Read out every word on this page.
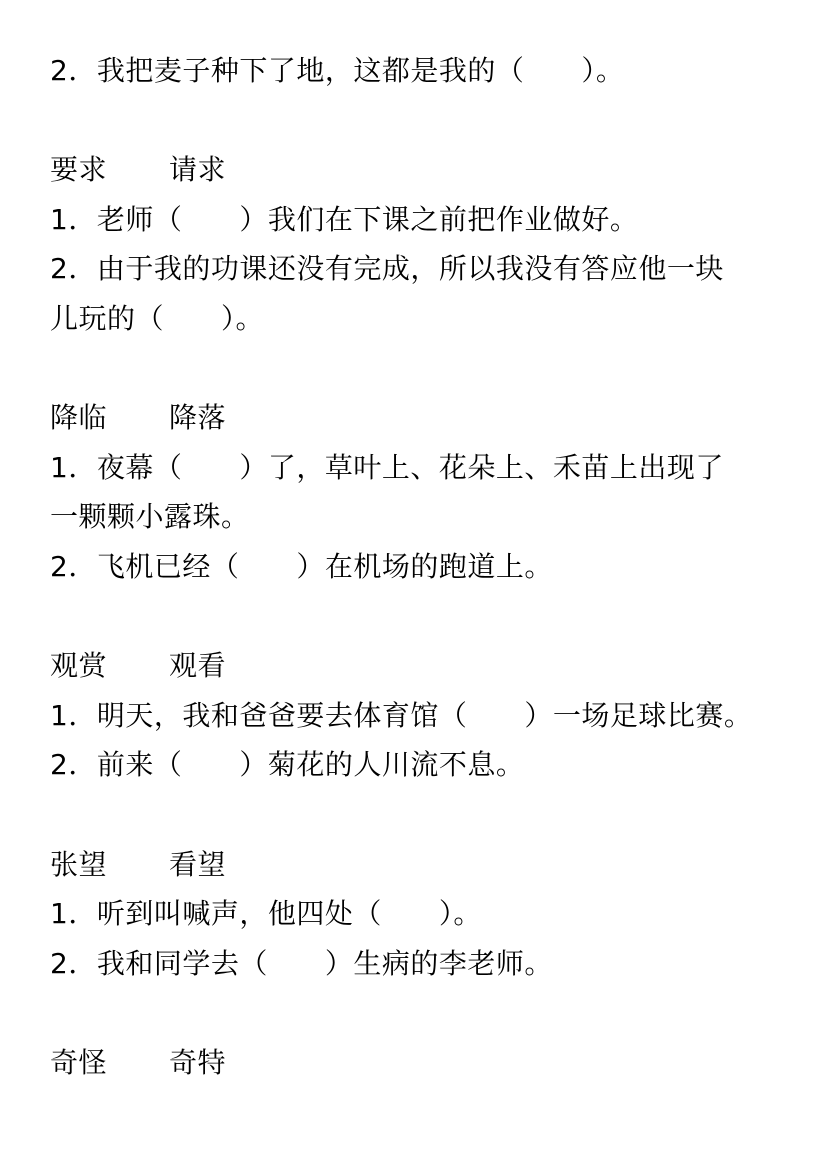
2．我把麦子种下了地，这都是我的（　　）。
要求 请求
1．老师（　　）我们在下课之前把作业做好。
2．由于我的功课还没有完成，所以我没有答应他一块
儿玩的（　　）。
降临 降落
1．夜幕（　　）了，草叶上、花朵上、禾苗上出现了
一颗颗小露珠。
2．飞机已经（　　）在机场的跑道上。
观赏 观看
1．明天，我和爸爸要去体育馆（　　）一场足球比赛。
2．前来（　　）菊花的人川流不息。
张望 看望
1．听到叫喊声，他四处（　　）。
2．我和同学去（　　）生病的李老师。
奇怪 奇特
